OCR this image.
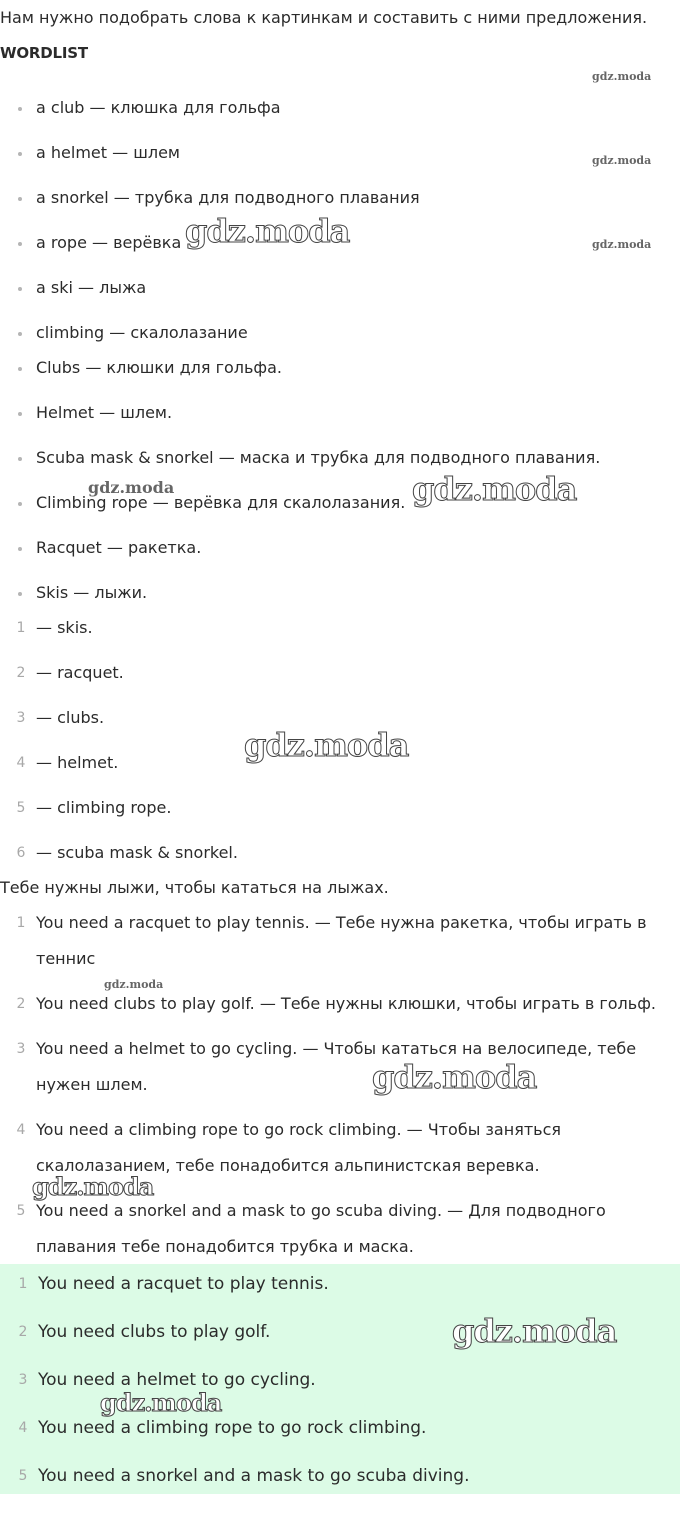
Нам нужно подобрать слова к картинкам и составить с ними предложения.
WORDLIST
a club — клюшка для гольфа
a helmet — шлем
a snorkel — трубка для подводного плавания
a rope — верёвка
a ski — лыжа
climbing — скалолазание
Clubs — клюшки для гольфа.
Helmet — шлем.
Scuba mask & snorkel — маска и трубка для подводного плавания.
Climbing rope — верёвка для скалолазания.
Racquet — ракетка.
Skis — лыжи.
1 — skis.
2 — racquet.
3 — clubs.
4 — helmet.
5 — climbing rope.
6 — scuba mask & snorkel.
Тебе нужны лыжи, чтобы кататься на лыжах.
1 You need a racquet to play tennis. — Тебе нужна ракетка, чтобы играть в теннис
2 You need clubs to play golf. — Тебе нужны клюшки, чтобы играть в гольф.
3 You need a helmet to go cycling. — Чтобы кататься на велосипеде, тебе нужен шлем.
4 You need a climbing rope to go rock climbing. — Чтобы заняться скалолазанием, тебе понадобится альпинистская веревка.
5 You need a snorkel and a mask to go scuba diving. — Для подводного плавания тебе понадобится трубка и маска.
1 You need a racquet to play tennis.
2 You need clubs to play golf.
3 You need a helmet to go cycling.
4 You need a climbing rope to go rock climbing.
5 You need a snorkel and a mask to go scuba diving.
gdz.moda
gdz.moda
gdz.moda
gdz.moda
gdz.moda	gdz.moda
gdz.moda
gdz.moda
gdz.moda
gdz.moda
gdz.moda
gdz.moda
